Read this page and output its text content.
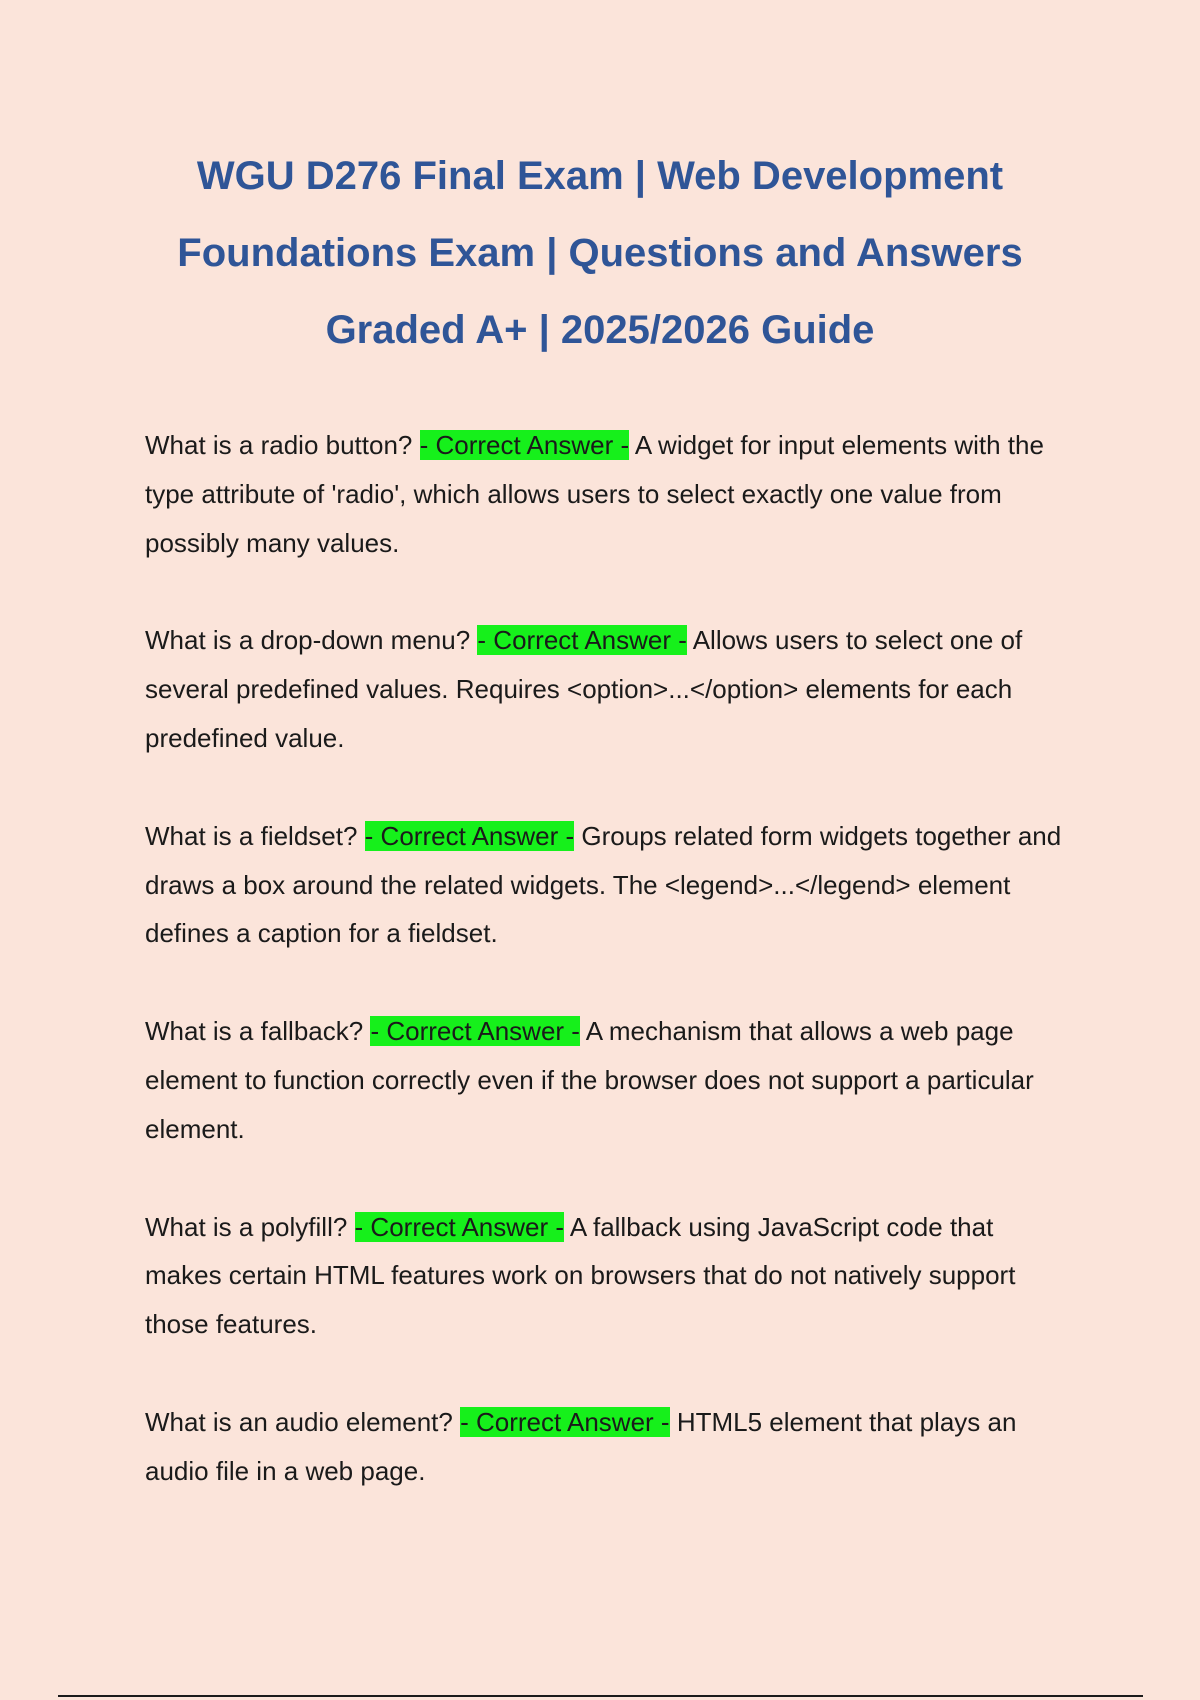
WGU D276 Final Exam | Web Development Foundations Exam | Questions and Answers Graded A+ | 2025/2026 Guide

What is a radio button? - Correct Answer - A widget for input elements with the type attribute of 'radio', which allows users to select exactly one value from possibly many values.

What is a drop-down menu? - Correct Answer - Allows users to select one of several predefined values. Requires <option>...</option> elements for each predefined value.

What is a fieldset? - Correct Answer - Groups related form widgets together and draws a box around the related widgets. The <legend>...</legend> element defines a caption for a fieldset.

What is a fallback? - Correct Answer - A mechanism that allows a web page element to function correctly even if the browser does not support a particular element.

What is a polyfill? - Correct Answer - A fallback using JavaScript code that makes certain HTML features work on browsers that do not natively support those features.

What is an audio element? - Correct Answer - HTML5 element that plays an audio file in a web page.
